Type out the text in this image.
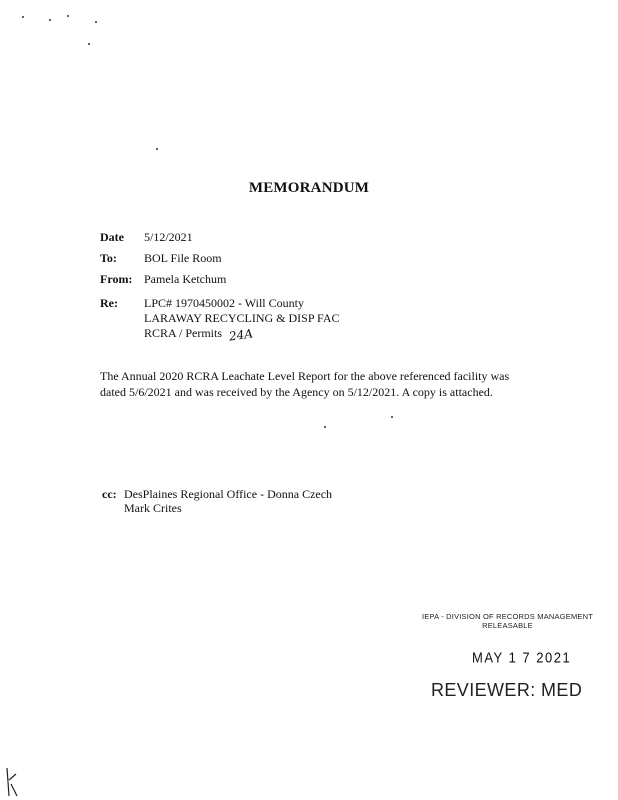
MEMORANDUM
Date 5/12/2021
To: BOL File Room
From: Pamela Ketchum
Re: LPC# 1970450002 - Will County
LARAWAY RECYCLING & DISP FAC
RCRA / Permits 24A
The Annual 2020 RCRA Leachate Level Report for the above referenced facility was dated 5/6/2021 and was received by the Agency on 5/12/2021. A copy is attached.
cc: DesPlaines Regional Office - Donna Czech
Mark Crites
IEPA - DIVISION OF RECORDS MANAGEMENT
RELEASABLE
MAY 1 7 2021
REVIEWER: MED
